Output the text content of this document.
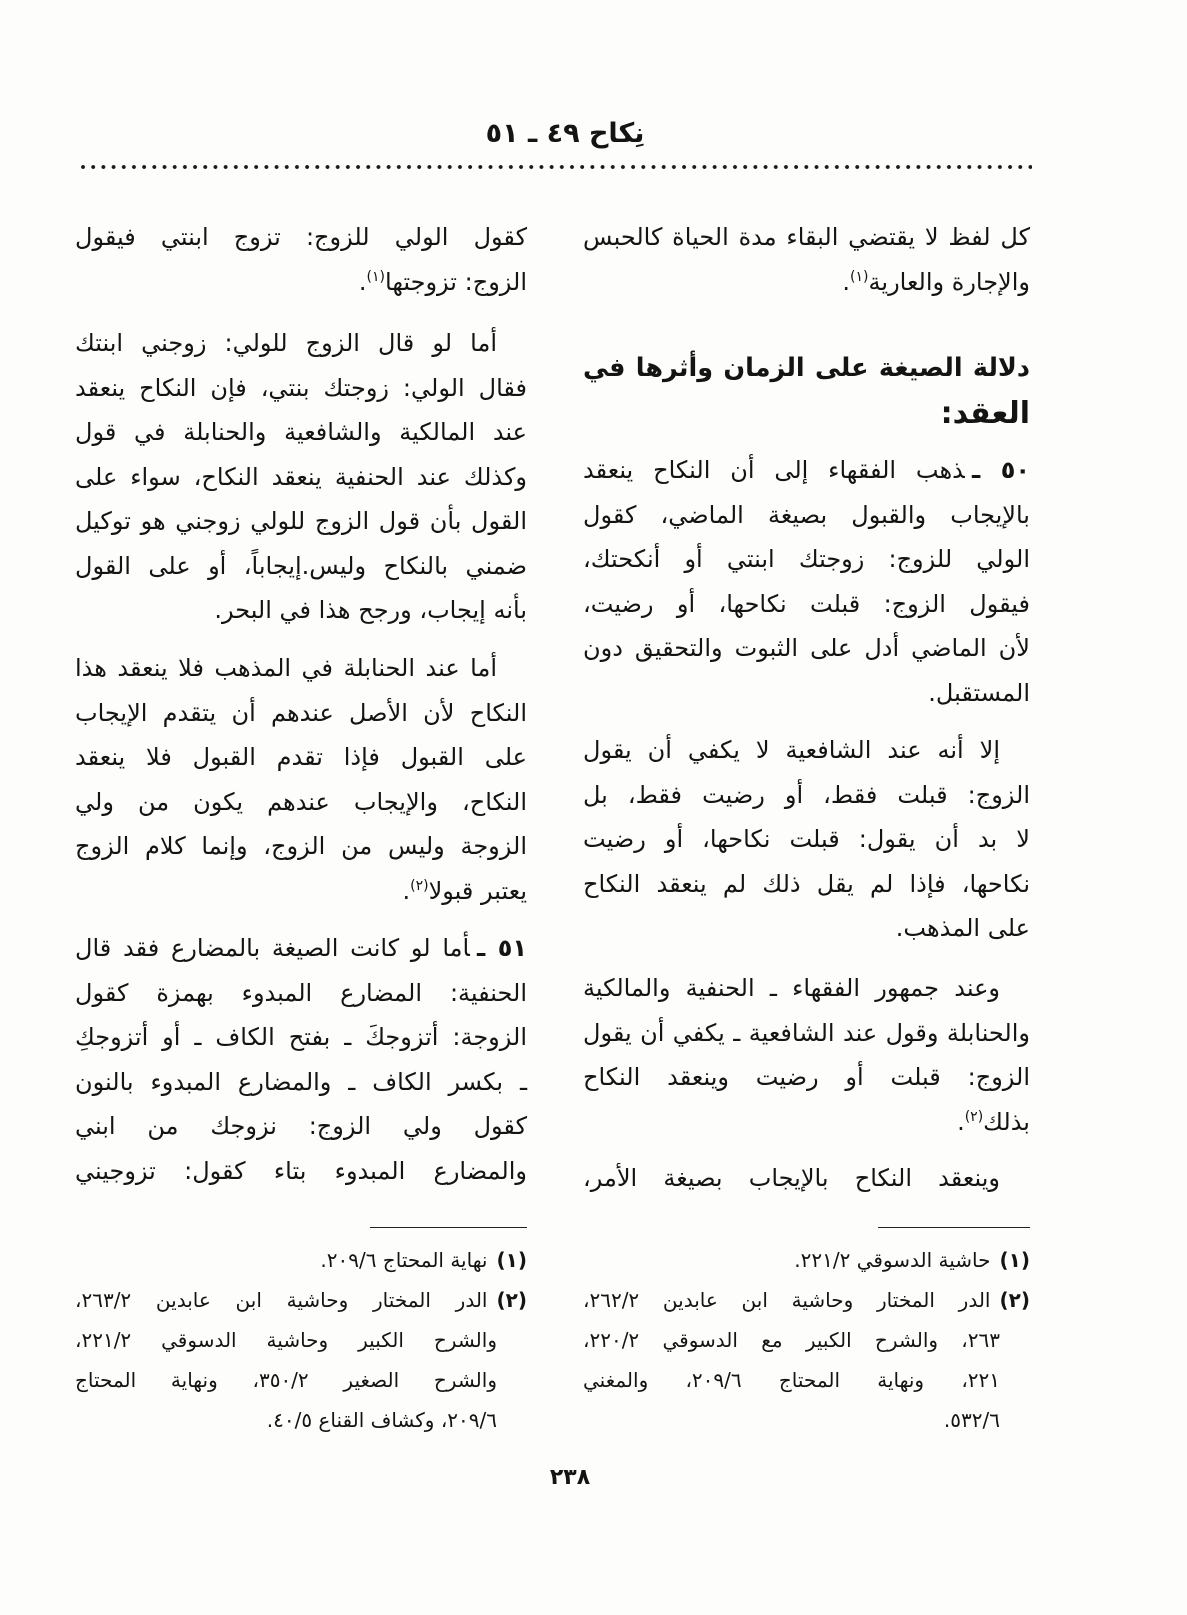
نِكاح ٤٩ ـ ٥١
كل لفظ لا يقتضي البقاء مدة الحياة كالحبس
والإجارة والعارية$^{(١)}$.
دلالة الصيغة على الزمان وأثرها في
العقد:
٥٠ ـذهب الفقهاء إلى أن النكاح ينعقد
بالإيجاب والقبول بصيغة الماضي، كقول
الولي للزوج: زوجتك ابنتي أو أنكحتك،
فيقول الزوج: قبلت نكاحها، أو رضيت،
لأن الماضي أدل على الثبوت والتحقيق دون
المستقبل.
إلا أنه عند الشافعية لا يكفي أن يقول
الزوج: قبلت فقط، أو رضيت فقط، بل
لا بد أن يقول: قبلت نكاحها، أو رضيت
نكاحها، فإذا لم يقل ذلك لم ينعقد النكاح
على المذهب.
وعند جمهور الفقهاء ـ الحنفية والمالكية
والحنابلة وقول عند الشافعية ـ يكفي أن يقول
الزوج: قبلت أو رضيت وينعقد النكاح
بذلك$^{(٢)}$.
وينعقد النكاح بالإيجاب بصيغة الأمر،
(١)حاشية الدسوقي ٢٢١/٢.
(٢)الدر المختار وحاشية ابن عابدين ٢٦٢/٢،
٢٦٣، والشرح الكبير مع الدسوقي ٢٢٠/٢،
٢٢١، ونهاية المحتاج ٢٠٩/٦، والمغني
٥٣٢/٦.
كقول الولي للزوج: تزوج ابنتي فيقول
الزوج: تزوجتها$^{(١)}$.
أما لو قال الزوج للولي: زوجني ابنتك
فقال الولي: زوجتك بنتي، فإن النكاح ينعقد
عند المالكية والشافعية والحنابلة في قول
وكذلك عند الحنفية ينعقد النكاح، سواء على
القول بأن قول الزوج للولي زوجني هو توكيل
ضمني بالنكاح وليس.إيجاباً، أو على القول
بأنه إيجاب، ورجح هذا في البحر.
أما عند الحنابلة في المذهب فلا ينعقد هذا
النكاح لأن الأصل عندهم أن يتقدم الإيجاب
على القبول فإذا تقدم القبول فلا ينعقد
النكاح، والإيجاب عندهم يكون من ولي
الزوجة وليس من الزوج، وإنما كلام الزوج
يعتبر قبولا$^{(٢)}$.
٥١ ـأما لو كانت الصيغة بالمضارع فقد قال
الحنفية: المضارع المبدوء بهمزة كقول
الزوجة: أتزوجكَ ـ بفتح الكاف ـ أو أتزوجكِ
ـ بكسر الكاف ـ والمضارع المبدوء بالنون
كقول ولي الزوج: نزوجك من ابني
والمضارع المبدوء بتاء كقول: تزوجيني
(١)نهاية المحتاج ٢٠٩/٦.
(٢)الدر المختار وحاشية ابن عابدين ٢٦٣/٢،
والشرح الكبير وحاشية الدسوقي ٢٢١/٢،
والشرح الصغير ٣٥٠/٢، ونهاية المحتاج
٢٠٩/٦، وكشاف القناع ٤٠/٥.
٢٣٨
